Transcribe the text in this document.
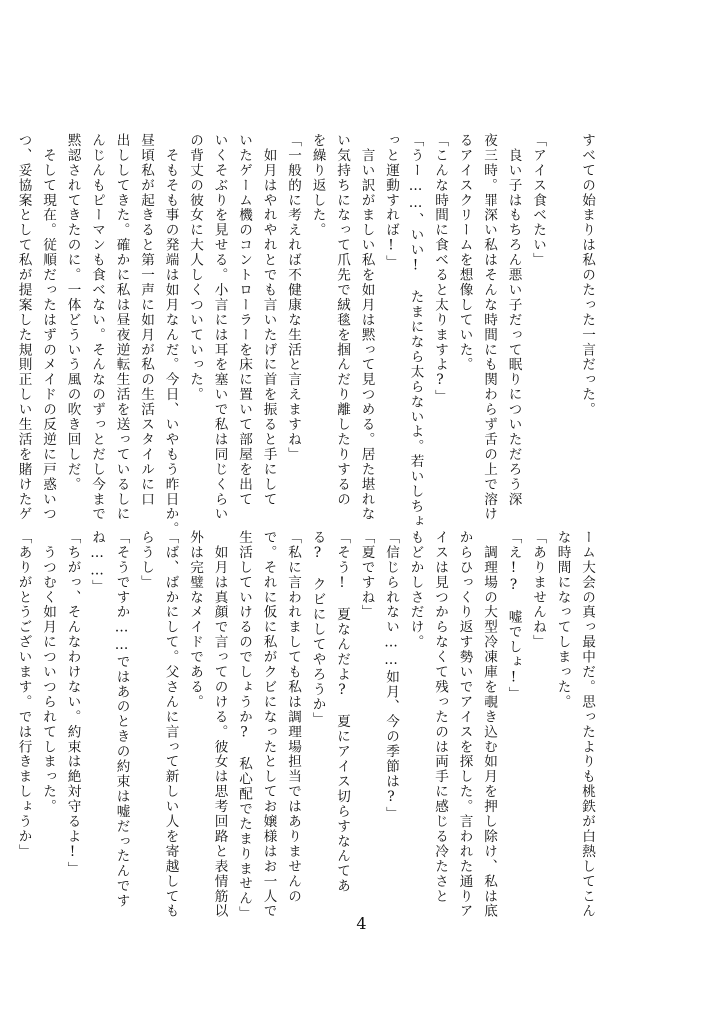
すべての始まりは私のたった一言だった。

「アイス食べたい」
　良い子はもちろん悪い子だって眠りについただろう深
夜三時。罪深い私はそんな時間にも関わらず舌の上で溶け
るアイスクリームを想像していた。
「こんな時間に食べると太りますよ?」
「うー……、いい!　たまになら太らないよ。若いしちょ
っと運動すれば!」
　言い訳がましい私を如月は黙って見つめる。居た堪れな
い気持ちになって爪先で絨毯を掴んだり離したりするの
を繰り返した。
「一般的に考えれば不健康な生活と言えますね」
　如月はやれやれとでも言いたげに首を振ると手にして
いたゲーム機のコントローラーを床に置いて部屋を出て
いくそぶりを見せる。小言には耳を塞いで私は同じくらい
の背丈の彼女に大人しくついていった。
　そもそも事の発端は如月なんだ。今日、いやもう昨日か。
昼頃私が起きると第一声に如月が私の生活スタイルに口
出ししてきた。確かに私は昼夜逆転生活を送っているしに
んじんもピーマンも食べない。そんなのずっとだし今まで
黙認されてきたのに。一体どういう風の吹き回しだ。
　そして現在。従順だったはずのメイドの反逆に戸惑いつ
つ、妥協案として私が提案した規則正しい生活を賭けたゲ
ーム大会の真っ最中だ。思ったよりも桃鉄が白熱してこん
な時間になってしまった。
「ありませんね」
「え!?　嘘でしょ!」
　調理場の大型冷凍庫を覗き込む如月を押し除け、私は底
からひっくり返す勢いでアイスを探した。言われた通りア
イスは見つからなくて残ったのは両手に感じる冷たさと
もどかしさだけ。
「信じられない……如月、今の季節は?」
「夏ですね」
「そう!　夏なんだよ?　夏にアイス切らすなんてあ
る?　クビにしてやろうか」
「私に言われましても私は調理場担当ではありませんの
で。それに仮に私がクビになったとしてお嬢様はお一人で
生活していけるのでしょうか?　私心配でたまりません」
　如月は真顔で言ってのける。彼女は思考回路と表情筋以
外は完璧なメイドである。
「ば、ばかにして。父さんに言って新しい人を寄越しても
らうし」
「そうですか……ではあのときの約束は嘘だったんです
ね……」
「ちがっ、そんなわけない。約束は絶対守るよ!」
　うつむく如月についつられてしまった。
「ありがとうございます。では行きましょうか」
4
